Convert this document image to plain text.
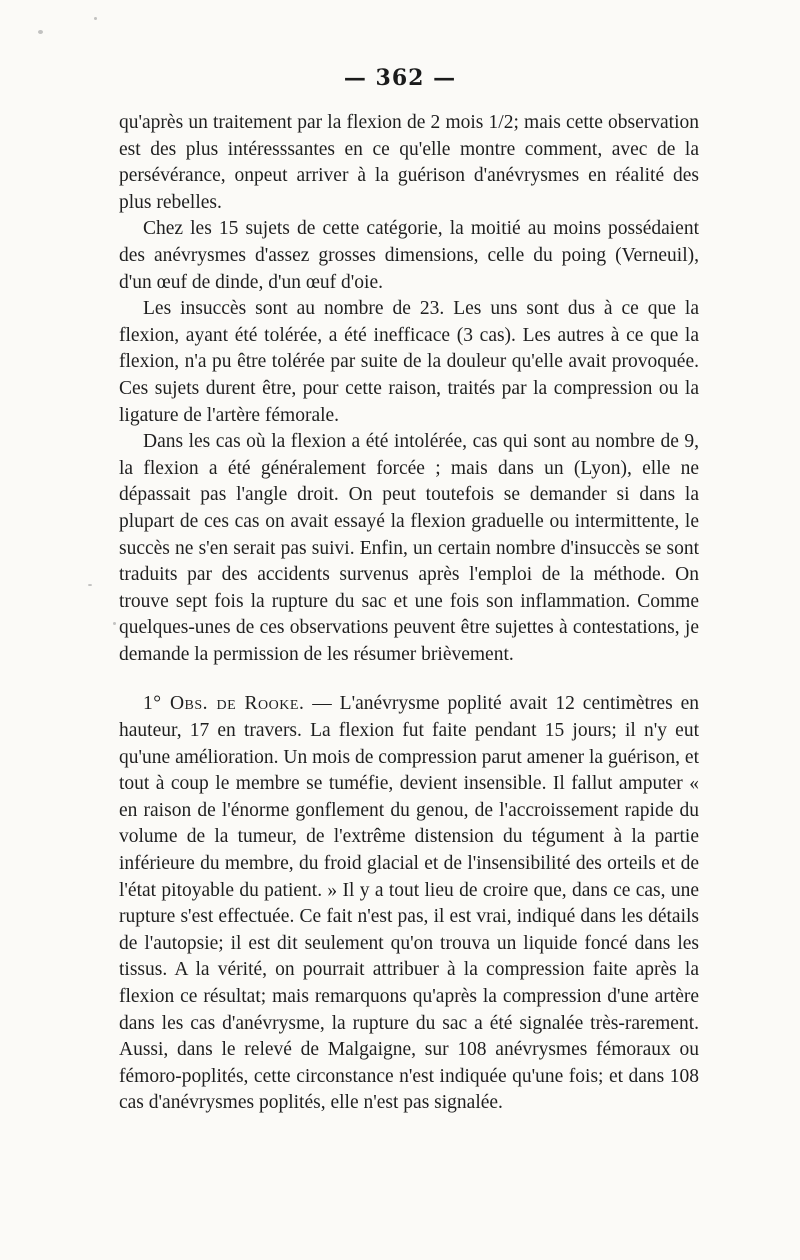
— 362 —

qu'après un traitement par la flexion de 2 mois 1/2; mais cette observation est des plus intéresssantes en ce qu'elle montre comment, avec de la persévérance, onpeut arriver à la guérison d'anévrysmes en réalité des plus rebelles.

Chez les 15 sujets de cette catégorie, la moitié au moins possédaient des anévrysmes d'assez grosses dimensions, celle du poing (Verneuil), d'un œuf de dinde, d'un œuf d'oie.

Les insuccès sont au nombre de 23. Les uns sont dus à ce que la flexion, ayant été tolérée, a été inefficace (3 cas). Les autres à ce que la flexion, n'a pu être tolérée par suite de la douleur qu'elle avait provoquée. Ces sujets durent être, pour cette raison, traités par la compression ou la ligature de l'artère fémorale.

Dans les cas où la flexion a été intolérée, cas qui sont au nombre de 9, la flexion a été généralement forcée ; mais dans un (Lyon), elle ne dépassait pas l'angle droit. On peut toutefois se demander si dans la plupart de ces cas on avait essayé la flexion graduelle ou intermittente, le succès ne s'en serait pas suivi. Enfin, un certain nombre d'insuccès se sont traduits par des accidents survenus après l'emploi de la méthode. On trouve sept fois la rupture du sac et une fois son inflammation. Comme quelques-unes de ces observations peuvent être sujettes à contestations, je demande la permission de les résumer brièvement.

1° Obs. de Rooke. — L'anévrysme poplité avait 12 centimètres en hauteur, 17 en travers. La flexion fut faite pendant 15 jours; il n'y eut qu'une amélioration. Un mois de compression parut amener la guérison, et tout à coup le membre se tuméfie, devient insensible. Il fallut amputer « en raison de l'énorme gonflement du genou, de l'accroissement rapide du volume de la tumeur, de l'extrême distension du tégument à la partie inférieure du membre, du froid glacial et de l'insensibilité des orteils et de l'état pitoyable du patient. » Il y a tout lieu de croire que, dans ce cas, une rupture s'est effectuée. Ce fait n'est pas, il est vrai, indiqué dans les détails de l'autopsie; il est dit seulement qu'on trouva un liquide foncé dans les tissus. A la vérité, on pourrait attribuer à la compression faite après la flexion ce résultat; mais remarquons qu'après la compression d'une artère dans les cas d'anévrysme, la rupture du sac a été signalée très-rarement. Aussi, dans le relevé de Malgaigne, sur 108 anévrysmes fémoraux ou fémoro-poplités, cette circonstance n'est indiquée qu'une fois; et dans 108 cas d'anévrysmes poplités, elle n'est pas signalée.
